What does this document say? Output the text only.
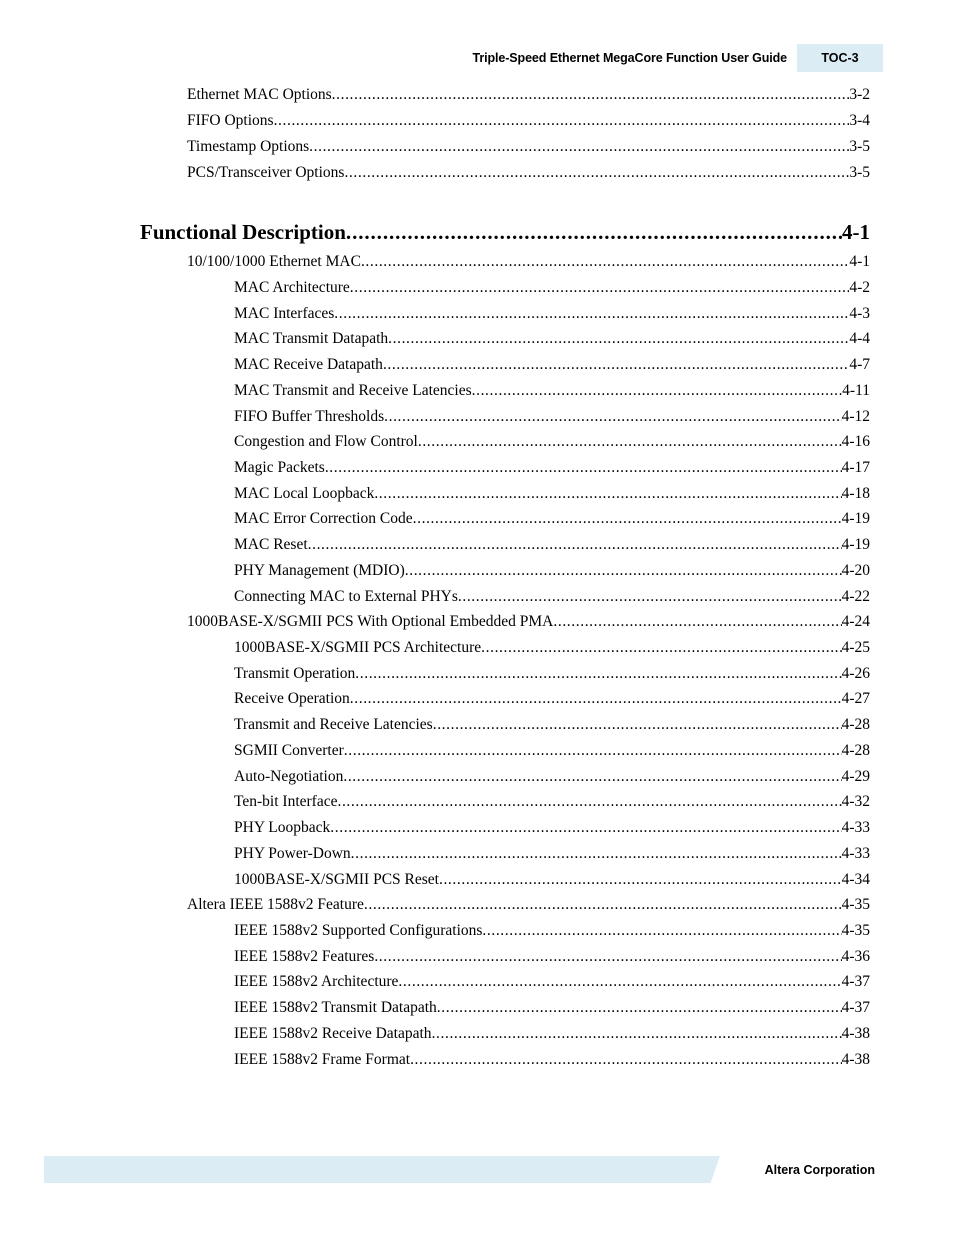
Triple-Speed Ethernet MegaCore Function User Guide	TOC-3
Ethernet MAC Options .....	3-2
FIFO Options .....	3-4
Timestamp Options .....	3-5
PCS/Transceiver Options .....	3-5
Functional Description .....	4-1
10/100/1000 Ethernet MAC .....	4-1
MAC Architecture .....	4-2
MAC Interfaces .....	4-3
MAC Transmit Datapath .....	4-4
MAC Receive Datapath .....	4-7
MAC Transmit and Receive Latencies .....	4-11
FIFO Buffer Thresholds .....	4-12
Congestion and Flow Control .....	4-16
Magic Packets .....	4-17
MAC Local Loopback .....	4-18
MAC Error Correction Code .....	4-19
MAC Reset .....	4-19
PHY Management (MDIO) .....	4-20
Connecting MAC to External PHYs .....	4-22
1000BASE-X/SGMII PCS With Optional Embedded PMA .....	4-24
1000BASE-X/SGMII PCS Architecture .....	4-25
Transmit Operation .....	4-26
Receive Operation .....	4-27
Transmit and Receive Latencies .....	4-28
SGMII Converter .....	4-28
Auto-Negotiation .....	4-29
Ten-bit Interface .....	4-32
PHY Loopback .....	4-33
PHY Power-Down .....	4-33
1000BASE-X/SGMII PCS Reset .....	4-34
Altera IEEE 1588v2 Feature .....	4-35
IEEE 1588v2 Supported Configurations .....	4-35
IEEE 1588v2 Features .....	4-36
IEEE 1588v2 Architecture .....	4-37
IEEE 1588v2 Transmit Datapath .....	4-37
IEEE 1588v2 Receive Datapath .....	4-38
IEEE 1588v2 Frame Format .....	4-38
Altera Corporation
